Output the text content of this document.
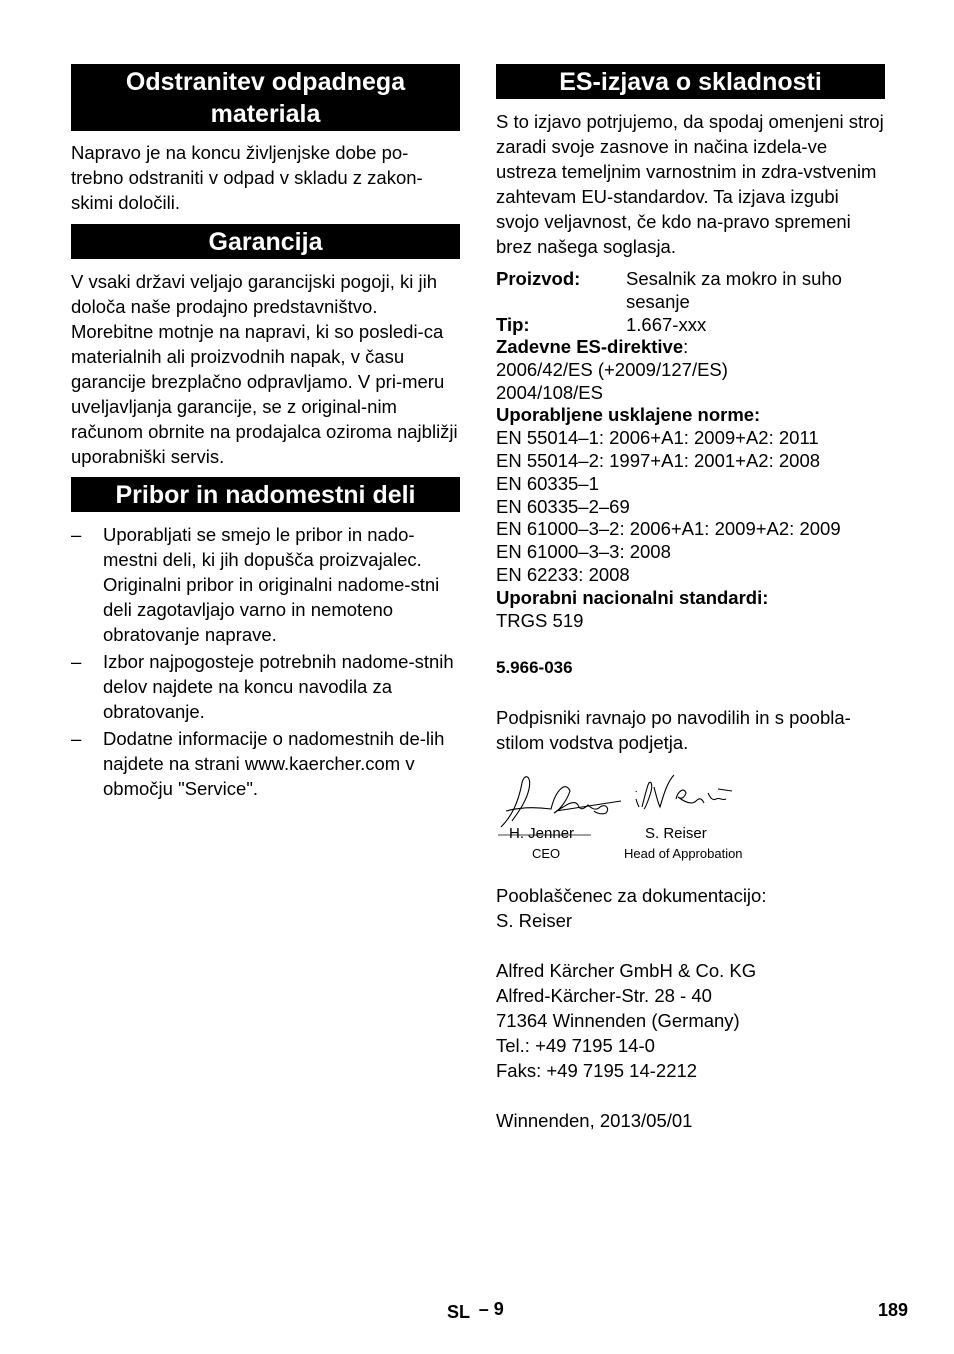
Odstranitev odpadnega
materiala

Napravo je na koncu življenjske dobe po-trebno odstraniti v odpad v skladu z zakon-skimi določili.

Garancija

V vsaki državi veljajo garancijski pogoji, ki jih določa naše prodajno predstavništvo. Morebitne motnje na napravi, ki so posledi-ca materialnih ali proizvodnih napak, v času garancije brezplačno odpravljamo. V pri-meru uveljavljanja garancije, se z original-nim računom obrnite na prodajalca oziroma najbližji uporabniški servis.

Pribor in nadomestni deli
– Uporabljati se smejo le pribor in nado-mestni deli, ki jih dopušča proizvajalec. Originalni pribor in originalni nadome-stni deli zagotavljajo varno in nemoteno obratovanje naprave.
– Izbor najpogosteje potrebnih nadome-stnih delov najdete na koncu navodila za obratovanje.
– Dodatne informacije o nadomestnih de-lih najdete na strani www.kaercher.com v območju "Service".
ES-izjava o skladnosti

S to izjavo potrjujemo, da spodaj omenjeni stroj zaradi svoje zasnove in načina izdela-ve ustreza temeljnim varnostnim in zdra-vstvenim zahtevam EU-standardov. Ta izjava izgubi svojo veljavnost, če kdo na-pravo spremeni brez našega soglasja.

Proizvod:	Sesalnik za mokro in suho
sesanje
Tip:	1.667-xxx
Zadevne ES-direktive:
2006/42/ES (+2009/127/ES)
2004/108/ES
Uporabljene usklajene norme:
EN 55014–1: 2006+A1: 2009+A2: 2011
EN 55014–2: 1997+A1: 2001+A2: 2008
EN 60335–1
EN 60335–2–69
EN 61000–3–2: 2006+A1: 2009+A2: 2009
EN 61000–3–3: 2008
EN 62233: 2008
Uporabni nacionalni standardi:
TRGS 519
5.966-036

Podpisniki ravnajo po navodilih in s poobla-stilom vodstva podjetja.

H. Jenner
CEO
S. Reiser
Head of Approbation
Pooblaščenec za dokumentacijo:
S. Reiser
Alfred Kärcher GmbH & Co. KG
Alfred-Kärcher-Str. 28 - 40
71364 Winnenden (Germany)
Tel.: +49 7195 14-0
Faks: +49 7195 14-2212
Winnenden, 2013/05/01
SL – 9	189
